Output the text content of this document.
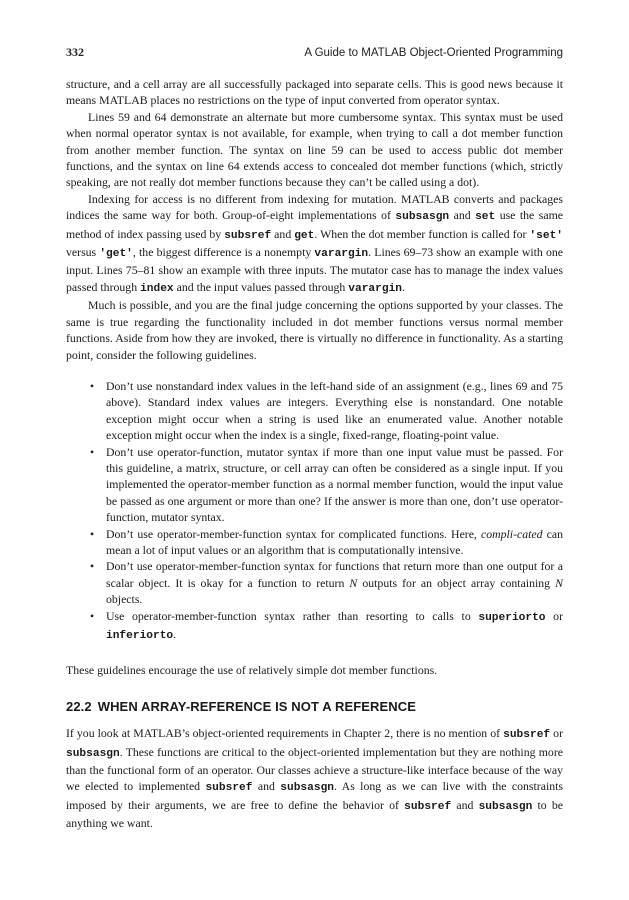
332	A Guide to MATLAB Object-Oriented Programming

structure, and a cell array are all successfully packaged into separate cells. This is good news because it means MATLAB places no restrictions on the type of input converted from operator syntax.

Lines 59 and 64 demonstrate an alternate but more cumbersome syntax. This syntax must be used when normal operator syntax is not available, for example, when trying to call a dot member function from another member function. The syntax on line 59 can be used to access public dot member functions, and the syntax on line 64 extends access to concealed dot member functions (which, strictly speaking, are not really dot member functions because they can’t be called using a dot).

Indexing for access is no different from indexing for mutation. MATLAB converts and packages indices the same way for both. Group-of-eight implementations of subsasgn and set use the same method of index passing used by subsref and get. When the dot member function is called for 'set' versus 'get', the biggest difference is a nonempty varargin. Lines 69–73 show an example with one input. Lines 75–81 show an example with three inputs. The mutator case has to manage the index values passed through index and the input values passed through varargin.

Much is possible, and you are the final judge concerning the options supported by your classes. The same is true regarding the functionality included in dot member functions versus normal member functions. Aside from how they are invoked, there is virtually no difference in functionality. As a starting point, consider the following guidelines.

• Don’t use nonstandard index values in the left-hand side of an assignment (e.g., lines 69 and 75 above). Standard index values are integers. Everything else is nonstandard. One notable exception might occur when a string is used like an enumerated value. Another notable exception might occur when the index is a single, fixed-range, floating-point value.
• Don’t use operator-function, mutator syntax if more than one input value must be passed. For this guideline, a matrix, structure, or cell array can often be considered as a single input. If you implemented the operator-member function as a normal member function, would the input value be passed as one argument or more than one? If the answer is more than one, don’t use operator-function, mutator syntax.
• Don’t use operator-member-function syntax for complicated functions. Here, compli-cated can mean a lot of input values or an algorithm that is computationally intensive.
• Don’t use operator-member-function syntax for functions that return more than one output for a scalar object. It is okay for a function to return N outputs for an object array containing N objects.
• Use operator-member-function syntax rather than resorting to calls to superiorto or inferiorto.

These guidelines encourage the use of relatively simple dot member functions.

22.2 WHEN ARRAY-REFERENCE IS NOT A REFERENCE

If you look at MATLAB’s object-oriented requirements in Chapter 2, there is no mention of subsref or subsasgn. These functions are critical to the object-oriented implementation but they are nothing more than the functional form of an operator. Our classes achieve a structure-like interface because of the way we elected to implemented subsref and subsasgn. As long as we can live with the constraints imposed by their arguments, we are free to define the behavior of subsref and subsasgn to be anything we want.
